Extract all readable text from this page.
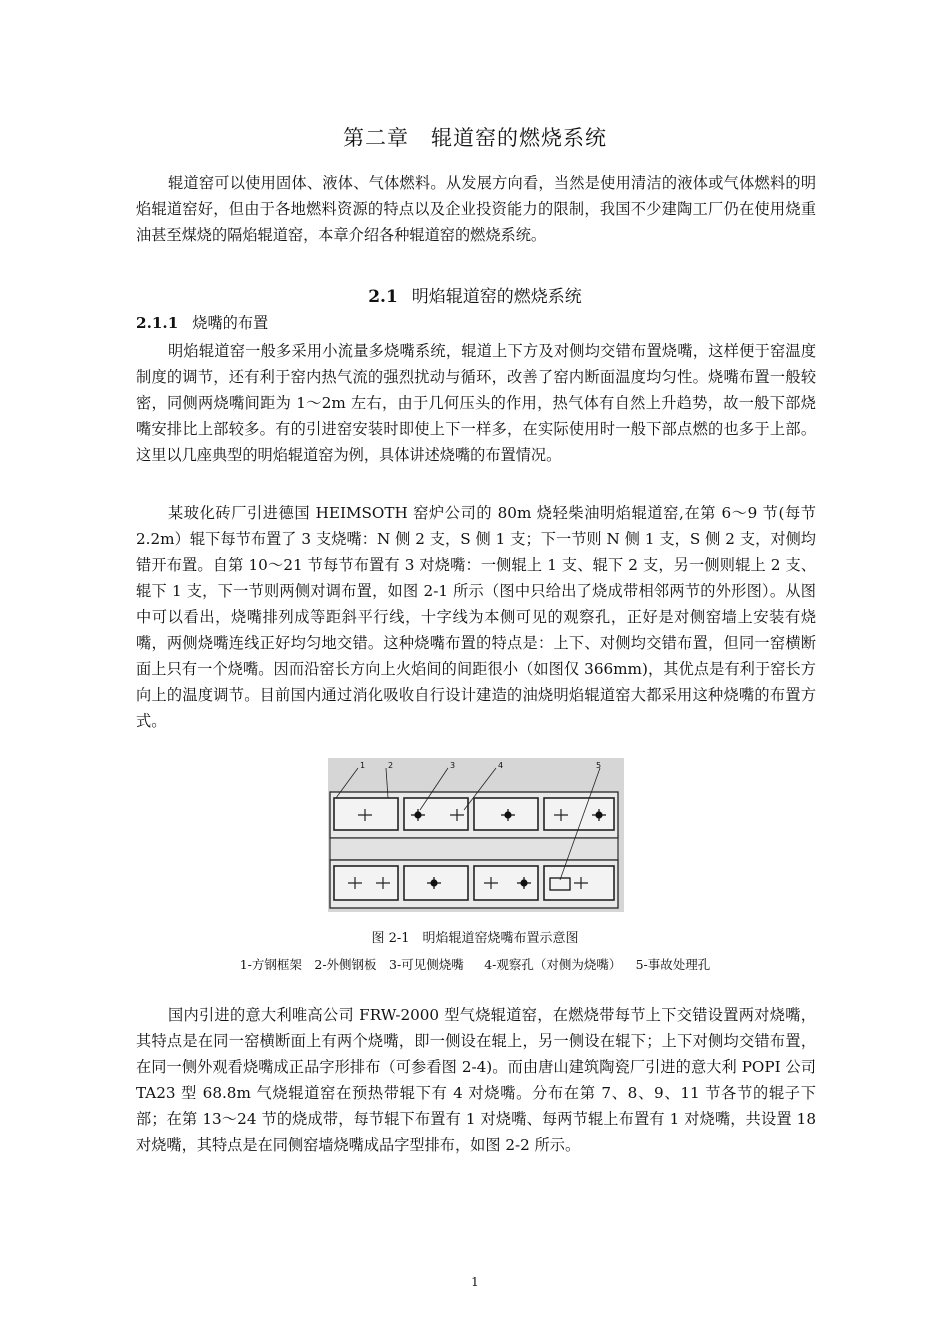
第二章　辊道窑的燃烧系统

辊道窑可以使用固体、液体、气体燃料。从发展方向看，当然是使用清洁的液体或气体燃料的明焰辊道窑好，但由于各地燃料资源的特点以及企业投资能力的限制，我国不少建陶工厂仍在使用烧重油甚至煤烧的隔焰辊道窑，本章介绍各种辊道窑的燃烧系统。

2.1 明焰辊道窑的燃烧系统
2.1.1 烧嘴的布置

明焰辊道窑一般多采用小流量多烧嘴系统，辊道上下方及对侧均交错布置烧嘴，这样便于窑温度制度的调节，还有利于窑内热气流的强烈扰动与循环，改善了窑内断面温度均匀性。烧嘴布置一般较密，同侧两烧嘴间距为 1～2m 左右，由于几何压头的作用，热气体有自然上升趋势，故一般下部烧嘴安排比上部较多。有的引进窑安装时即使上下一样多，在实际使用时一般下部点燃的也多于上部。这里以几座典型的明焰辊道窑为例，具体讲述烧嘴的布置情况。

某玻化砖厂引进德国 HEIMSOTH 窑炉公司的 80m 烧轻柴油明焰辊道窑,在第 6～9 节(每节 2.2m）辊下每节布置了 3 支烧嘴：N 侧 2 支，S 侧 1 支；下一节则 N 侧 1 支，S 侧 2 支，对侧均错开布置。自第 10～21 节每节布置有 3 对烧嘴：一侧辊上 1 支、辊下 2 支，另一侧则辊上 2 支、辊下 1 支，下一节则两侧对调布置，如图 2-1 所示（图中只给出了烧成带相邻两节的外形图）。从图中可以看出，烧嘴排列成等距斜平行线，十字线为本侧可见的观察孔，正好是对侧窑墙上安装有烧嘴，两侧烧嘴连线正好均匀地交错。这种烧嘴布置的特点是：上下、对侧均交错布置，但同一窑横断面上只有一个烧嘴。因而沿窑长方向上火焰间的间距很小（如图仅 366mm)，其优点是有利于窑长方向上的温度调节。目前国内通过消化吸收自行设计建造的油烧明焰辊道窑大都采用这种烧嘴的布置方式。

1	2	3	4	5
图 2-1　明焰辊道窑烧嘴布置示意图
1-方钢框架　2-外侧钢板　3-可见侧烧嘴　 4-观察孔（对侧为烧嘴）　 5-事故处理孔

国内引进的意大利唯高公司 FRW-2000 型气烧辊道窑，在燃烧带每节上下交错设置两对烧嘴，其特点是在同一窑横断面上有两个烧嘴，即一侧设在辊上，另一侧设在辊下；上下对侧均交错布置，在同一侧外观看烧嘴成正品字形排布（可参看图 2-4)。而由唐山建筑陶瓷厂引进的意大利 POPI 公司 TA23 型 68.8m 气烧辊道窑在预热带辊下有 4 对烧嘴。分布在第 7、8、9、11 节各节的辊子下部；在第 13～24 节的烧成带，每节辊下布置有 1 对烧嘴、每两节辊上布置有 1 对烧嘴，共设置 18 对烧嘴，其特点是在同侧窑墙烧嘴成品字型排布，如图 2-2 所示。

1
